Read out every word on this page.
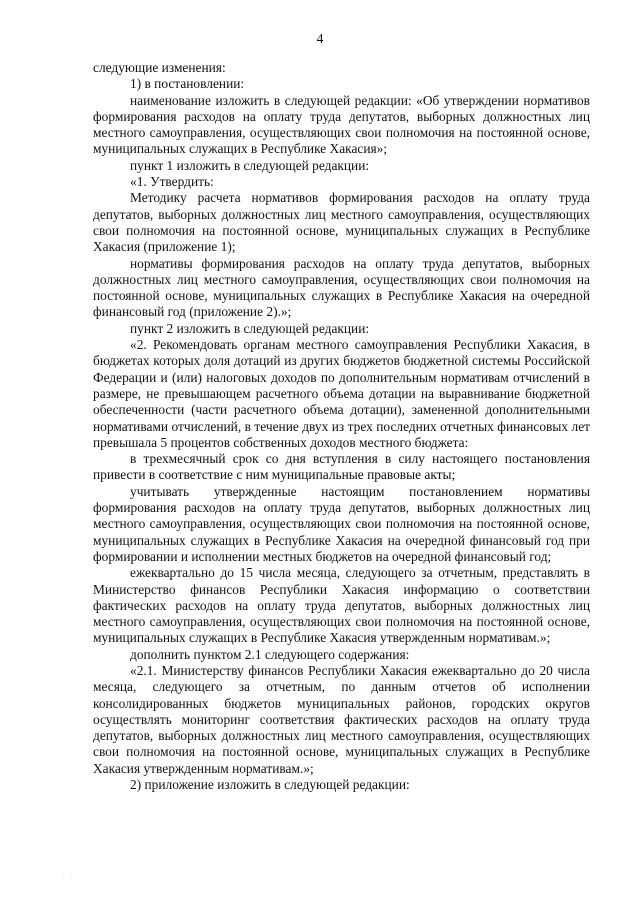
4

следующие изменения:

1) в постановлении:

наименование изложить в следующей редакции: «Об утверждении нормативов формирования расходов на оплату труда депутатов, выборных должностных лиц местного самоуправления, осуществляющих свои полномочия на постоянной основе, муниципальных служащих в Республике Хакасия»;

пункт 1 изложить в следующей редакции:

«1. Утвердить:

Методику расчета нормативов формирования расходов на оплату труда депутатов, выборных должностных лиц местного самоуправления, осуществляющих свои полномочия на постоянной основе, муниципальных служащих в Республике Хакасия (приложение 1);

нормативы формирования расходов на оплату труда депутатов, выборных должностных лиц местного самоуправления, осуществляющих свои полномочия на постоянной основе, муниципальных служащих в Республике Хакасия на очередной финансовый год (приложение 2).»;

пункт 2 изложить в следующей редакции:

«2. Рекомендовать органам местного самоуправления Республики Хакасия, в бюджетах которых доля дотаций из других бюджетов бюджетной системы Российской Федерации и (или) налоговых доходов по дополнительным нормативам отчислений в размере, не превышающем расчетного объема дотации на выравнивание бюджетной обеспеченности (части расчетного объема дотации), замененной дополнительными нормативами отчислений, в течение двух из трех последних отчетных финансовых лет превышала 5 процентов собственных доходов местного бюджета:

в трехмесячный срок со дня вступления в силу настоящего постановления привести в соответствие с ним муниципальные правовые акты;

учитывать утвержденные настоящим постановлением нормативы формирования расходов на оплату труда депутатов, выборных должностных лиц местного самоуправления, осуществляющих свои полномочия на постоянной основе, муниципальных служащих в Республике Хакасия на очередной финансовый год при формировании и исполнении местных бюджетов на очередной финансовый год;

ежеквартально до 15 числа месяца, следующего за отчетным, представлять в Министерство финансов Республики Хакасия информацию о соответствии фактических расходов на оплату труда депутатов, выборных должностных лиц местного самоуправления, осуществляющих свои полномочия на постоянной основе, муниципальных служащих в Республике Хакасия утвержденным нормативам.»;

дополнить пунктом 2.1 следующего содержания:

«2.1. Министерству финансов Республики Хакасия ежеквартально до 20 числа месяца, следующего за отчетным, по данным отчетов об исполнении консолидированных бюджетов муниципальных районов, городских округов осуществлять мониторинг соответствия фактических расходов на оплату труда депутатов, выборных должностных лиц местного самоуправления, осуществляющих свои полномочия на постоянной основе, муниципальных служащих в Республике Хакасия утвержденным нормативам.»;

2) приложение изложить в следующей редакции:

· ·
